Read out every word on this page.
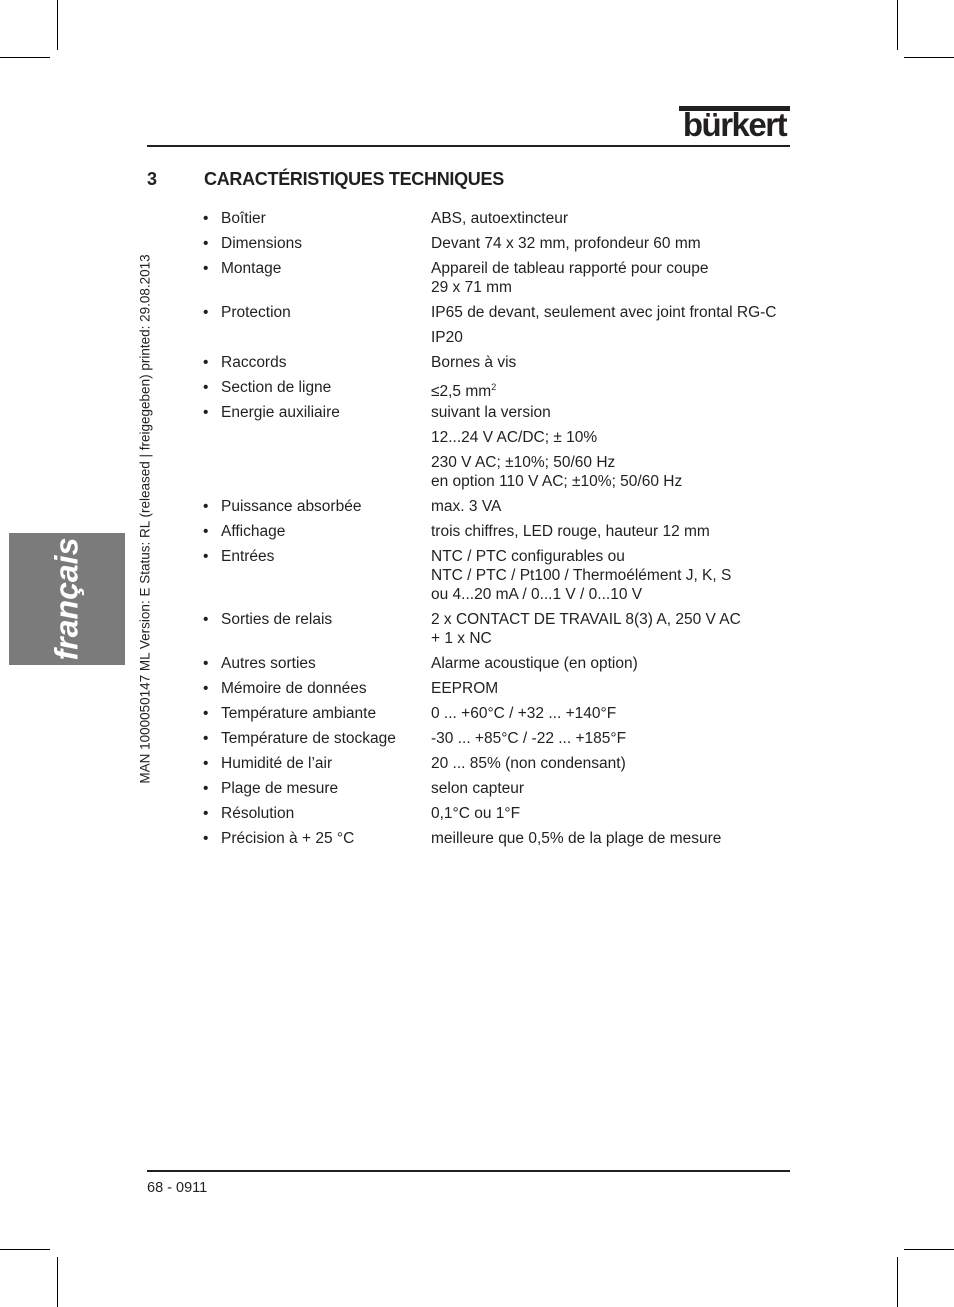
bürkert
français	MAN 1000050147 ML Version: E Status: RL (released | freigegeben) printed: 29.08.2013
3	CARACTÉRISTIQUES TECHNIQUES
• Boîtier	ABS, autoextincteur
• Dimensions	Devant 74 x 32 mm, profondeur 60 mm
• Montage	Appareil de tableau rapporté pour coupe
29 x 71 mm
• Protection	IP65 de devant, seulement avec joint frontal RG-C
IP20
• Raccords	Bornes à vis
• Section de ligne	≤2,5 $mm^2$
• Energie auxiliaire	suivant la version
12...24 V AC/DC; ± 10%
230 V AC; ±10%; 50/60 Hz
en option 110 V AC; ±10%; 50/60 Hz
• Puissance absorbée	max. 3 VA
• Affichage	trois chiffres, LED rouge, hauteur 12 mm
• Entrées	NTC / PTC configurables ou
NTC / PTC / Pt100 / Thermoélément J, K, S
ou 4...20 mA / 0...1 V / 0...10 V
• Sorties de relais	2 x CONTACT DE TRAVAIL 8(3) A, 250 V AC
+ 1 x NC
• Autres sorties	Alarme acoustique (en option)
• Mémoire de données	EEPROM
• Température ambiante	0 ... +60°C / +32 ... +140°F
• Température de stockage -30 ... +85°C / -22 ... +185°F
• Humidité de l’air	20 ... 85% (non condensant)
• Plage de mesure	selon capteur
• Résolution	0,1°C ou 1°F
• Précision à + 25 °C	meilleure que 0,5% de la plage de mesure
68 - 0911
